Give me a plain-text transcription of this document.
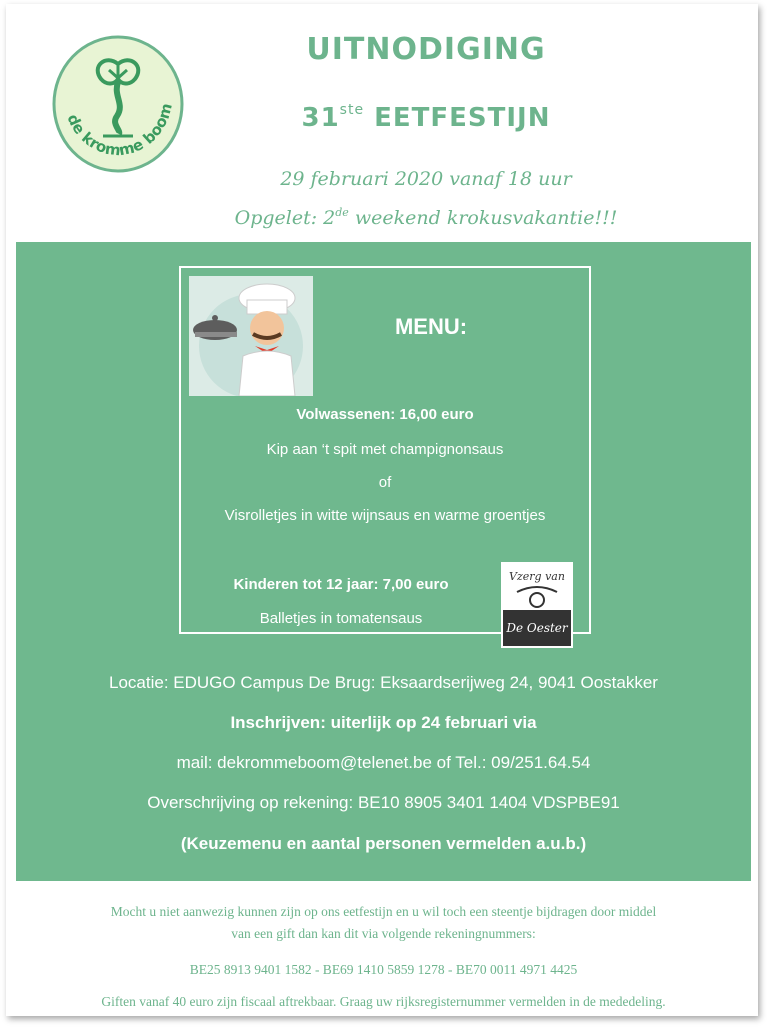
de kromme boom
UITNODIGING
31ste EETFESTIJN
29 februari 2020 vanaf 18 uur
Opgelet: 2de weekend krokusvakantie!!!
MENU:
Volwassenen: 16,00 euro
Kip aan ‘t spit met champignonsaus
of
Visrolletjes in witte wijnsaus en warme groentjes
Kinderen tot 12 jaar: 7,00 euro
Balletjes in tomatensaus
Vzerg van
De Oester
Locatie: EDUGO Campus De Brug: Eksaardserijweg 24, 9041 Oostakker
Inschrijven: uiterlijk op 24 februari via
mail: dekrommeboom@telenet.be of Tel.: 09/251.64.54
Overschrijving op rekening: BE10 8905 3401 1404 VDSPBE91
(Keuzemenu en aantal personen vermelden a.u.b.)
Mocht u niet aanwezig kunnen zijn op ons eetfestijn en u wil toch een steentje bijdragen door middel
van een gift dan kan dit via volgende rekeningnummers:
BE25 8913 9401 1582 - BE69 1410 5859 1278 - BE70 0011 4971 4425
Giften vanaf 40 euro zijn fiscaal aftrekbaar. Graag uw rijksregisternummer vermelden in de mededeling.
